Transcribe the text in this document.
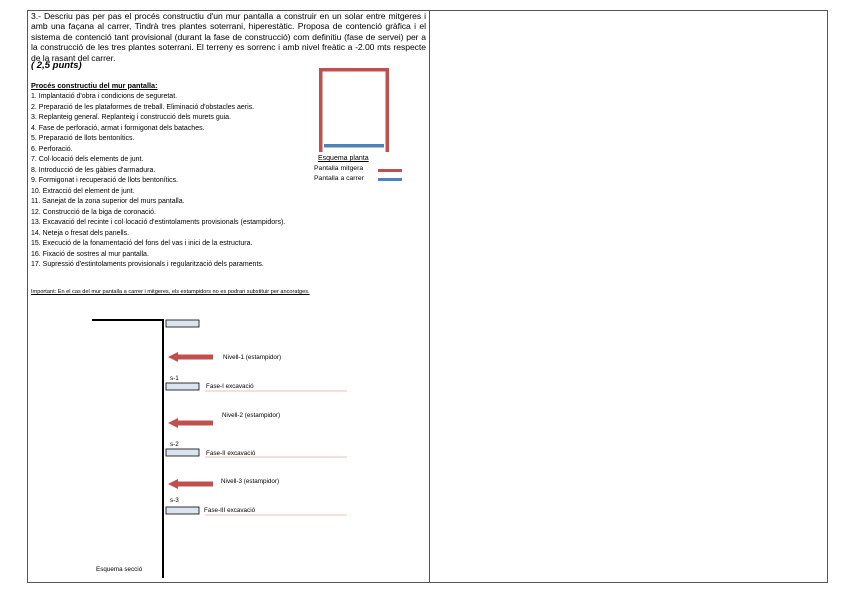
3.- Descriu pas per pas el procés constructiu d'un mur pantalla a construir en un solar entre mitgeres i amb una façana al carrer, Tindrà tres plantes soterrani, hiperestàtic. Proposa de contenció gràfica i el sistema de contenció tant provisional (durant la fase de construcció) com definitiu (fase de servei) per a la construcció de les tres plantes soterrani. El terreny es sorrenc i amb nivel freàtic a -2.00 mts respecte de la rasant del carrer.
( 2,5 punts)
Procés constructiu del mur pantalla:
1. Implantació d'obra i condicions de seguretat.
2. Preparació de les plataformes de treball. Eliminació d'obstacles aeris.
3. Replanteig general. Replanteig i construcció dels murets guia.
4. Fase de perforació, armat i formigonat dels bataches.
5. Preparació de llots bentonítics.
6. Perforació.
7. Col·locació dels elements de junt.
8. Introducció de les gàbies d'armadura.
9. Formigonat i recuperació de llots bentonítics.
10. Extracció del element de junt.
11. Sanejat de la zona superior del murs pantalla.
12. Construcció de la biga de coronació.
13. Excavació del recinte i col·locació d'estintolaments provisionals (estampidors).
14. Neteja o fresat dels panells.
15. Execució de la fonamentació del fons del vas i inici de la estructura.
16. Fixació de sostres al mur pantalla.
17. Supressió d'estintolaments provisionals i regularització dels paraments.
Important: En el cas del mur pantalla a carrer i mitgeres, els estampidors no es podran substituir per ancoratges.
Esquema planta
Pantalla mitgera
Pantalla a carrer
Nivell-1 (estampidor)
s-1
Fase-I excavació
Nivell-2 (estampidor)
s-2
Fase-II excavació
Nivell-3 (estampidor)
s-3
Fase-III excavació
Esquema secció
